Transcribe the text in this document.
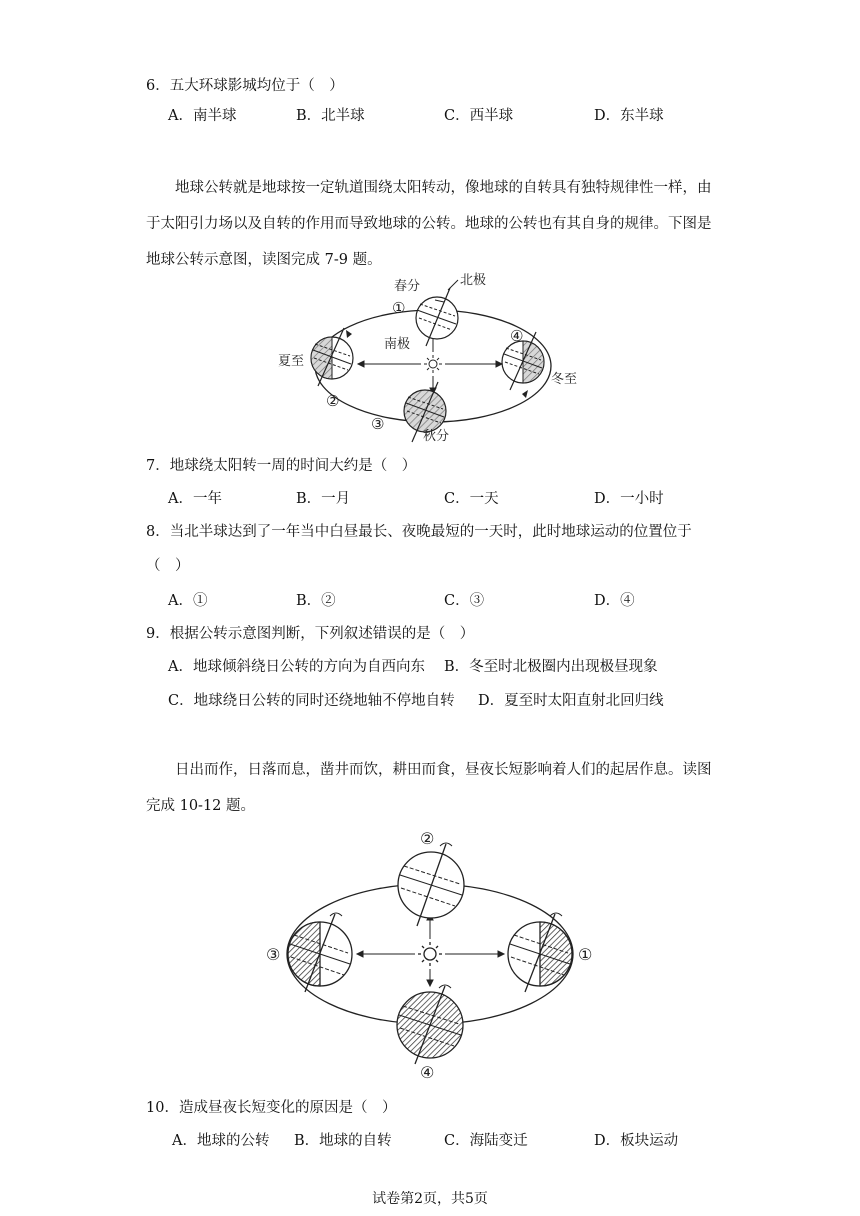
6．五大环球影城均位于（　）
A．南半球	B．北半球	C．西半球	D．东半球
地球公转就是地球按一定轨道围绕太阳转动，像地球的自转具有独特规律性一样，由于太阳引力场以及自转的作用而导致地球的公转。地球的公转也有其自身的规律。下图是地球公转示意图，读图完成 7-9 题。
春分	北极
南极
夏至
冬至
秋分
①
②
③
④
7．地球绕太阳转一周的时间大约是（　）
A．一年	B．一月	C．一天	D．一小时
8．当北半球达到了一年当中白昼最长、夜晚最短的一天时，此时地球运动的位置位于
（　）
A．①	B．②	C．③	D．④
9．根据公转示意图判断，下列叙述错误的是（　）
A．地球倾斜绕日公转的方向为自西向东 B．冬至时北极圈内出现极昼现象
C．地球绕日公转的同时还绕地轴不停地自转 D．夏至时太阳直射北回归线
日出而作，日落而息，凿井而饮，耕田而食，昼夜长短影响着人们的起居作息。读图完成 10-12 题。
②
③	①
④
10．造成昼夜长短变化的原因是（　）
A．地球的公转 B．地球的自转	C．海陆变迁	D．板块运动
试卷第2页，共5页
